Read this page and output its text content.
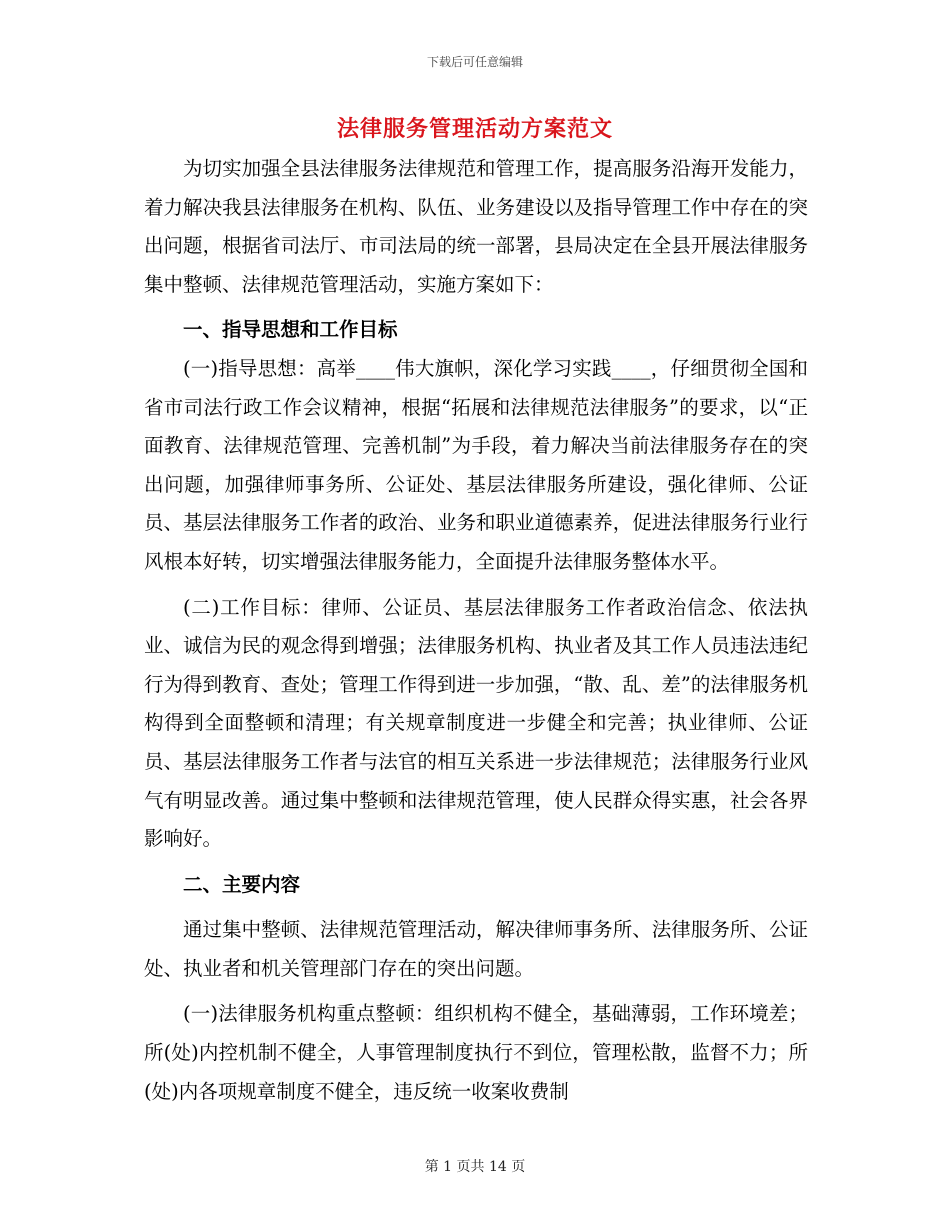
下载后可任意编辑
法律服务管理活动方案范文

为切实加强全县法律服务法律规范和管理工作，提高服务沿海开发能力，着力解决我县法律服务在机构、队伍、业务建设以及指导管理工作中存在的突出问题，根据省司法厅、市司法局的统一部署，县局决定在全县开展法律服务集中整顿、法律规范管理活动，实施方案如下：

一、指导思想和工作目标

(一)指导思想：高举____伟大旗帜，深化学习实践____，仔细贯彻全国和省市司法行政工作会议精神，根据“拓展和法律规范法律服务”的要求，以“正面教育、法律规范管理、完善机制”为手段，着力解决当前法律服务存在的突出问题，加强律师事务所、公证处、基层法律服务所建设，强化律师、公证员、基层法律服务工作者的政治、业务和职业道德素养，促进法律服务行业行风根本好转，切实增强法律服务能力，全面提升法律服务整体水平。

(二)工作目标：律师、公证员、基层法律服务工作者政治信念、依法执业、诚信为民的观念得到增强；法律服务机构、执业者及其工作人员违法违纪行为得到教育、查处；管理工作得到进一步加强，“散、乱、差”的法律服务机构得到全面整顿和清理；有关规章制度进一步健全和完善；执业律师、公证员、基层法律服务工作者与法官的相互关系进一步法律规范；法律服务行业风气有明显改善。通过集中整顿和法律规范管理，使人民群众得实惠，社会各界影响好。

二、主要内容

通过集中整顿、法律规范管理活动，解决律师事务所、法律服务所、公证处、执业者和机关管理部门存在的突出问题。

(一)法律服务机构重点整顿：组织机构不健全，基础薄弱，工作环境差；所(处)内控机制不健全，人事管理制度执行不到位，管理松散，监督不力；所(处)内各项规章制度不健全，违反统一收案收费制

第 1 页共 14 页
